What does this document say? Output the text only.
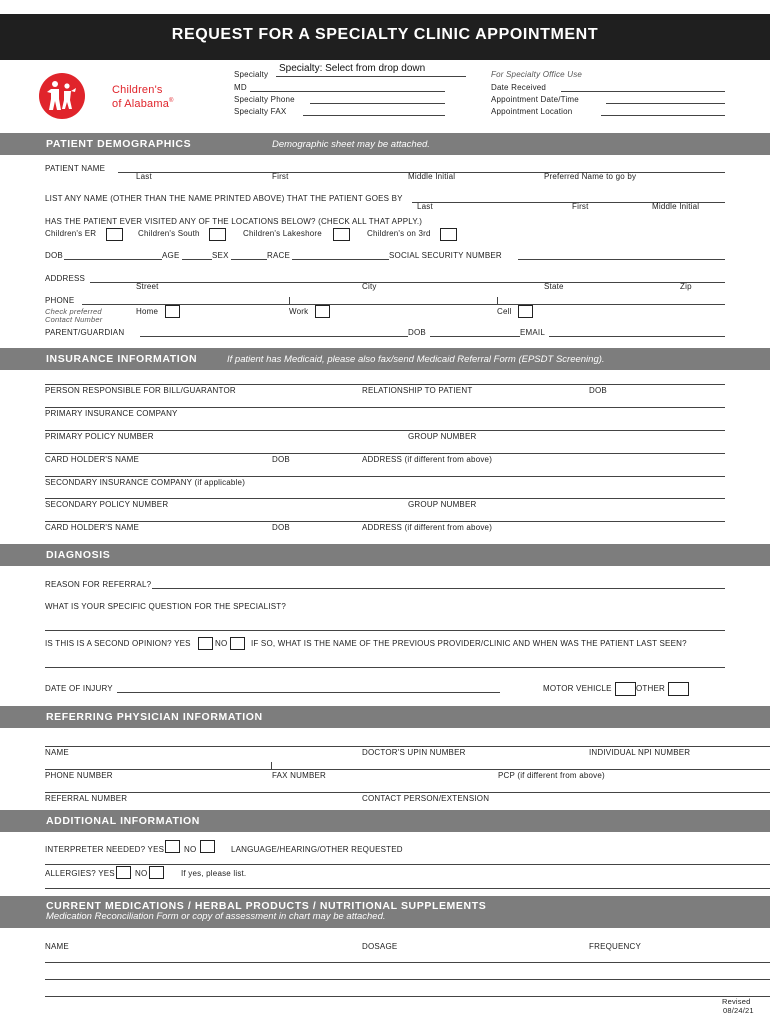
REQUEST FOR A SPECIALTY CLINIC APPOINTMENT
Children's
of Alabama®
Specialty
Specialty: Select from drop down
MD
Specialty Phone
Specialty FAX
For Specialty Office Use
Date Received
Appointment Date/Time
Appointment Location
PATIENT DEMOGRAPHICS	Demographic sheet may be attached.
PATIENT NAME
Last	First	Middle Initial	Preferred Name to go by
LIST ANY NAME (OTHER THAN THE NAME PRINTED ABOVE) THAT THE PATIENT GOES BY
Last	First	Middle Initial
HAS THE PATIENT EVER VISITED ANY OF THE LOCATIONS BELOW? (CHECK ALL THAT APPLY.)
Children's ER	Children's South	Children's Lakeshore	Children's on 3rd
DOB	AGE	SEX	RACE	SOCIAL SECURITY NUMBER
ADDRESS
Street	City	State	Zip
PHONE
Check preferred
Contact Number
Home	Work	Cell
PARENT/GUARDIAN	DOB	EMAIL
INSURANCE INFORMATION	If patient has Medicaid, please also fax/send Medicaid Referral Form (EPSDT Screening).
PERSON RESPONSIBLE FOR BILL/GUARANTOR	RELATIONSHIP TO PATIENT	DOB
PRIMARY INSURANCE COMPANY
PRIMARY POLICY NUMBER	GROUP NUMBER
CARD HOLDER'S NAME	DOB	ADDRESS (if different from above)
SECONDARY INSURANCE COMPANY (if applicable)
SECONDARY POLICY NUMBER	GROUP NUMBER
CARD HOLDER'S NAME	DOB	ADDRESS (if different from above)
DIAGNOSIS
REASON FOR REFERRAL?
WHAT IS YOUR SPECIFIC QUESTION FOR THE SPECIALIST?
IS THIS IS A SECOND OPINION? YES	NO	IF SO, WHAT IS THE NAME OF THE PREVIOUS PROVIDER/CLINIC AND WHEN WAS THE PATIENT LAST SEEN?
DATE OF INJURY	MOTOR VEHICLE	OTHER
REFERRING PHYSICIAN INFORMATION
NAME	DOCTOR'S UPIN NUMBER	INDIVIDUAL NPI NUMBER
PHONE NUMBER	FAX NUMBER	PCP (if different from above)
REFERRAL NUMBER	CONTACT PERSON/EXTENSION
ADDITIONAL INFORMATION
INTERPRETER NEEDED? YES NO	LANGUAGE/HEARING/OTHER REQUESTED
ALLERGIES? YES	NO	If yes, please list.
CURRENT MEDICATIONS / HERBAL PRODUCTS / NUTRITIONAL SUPPLEMENTS
Medication Reconciliation Form or copy of assessment in chart may be attached.
NAME	DOSAGE	FREQUENCY
Revised
08/24/21
